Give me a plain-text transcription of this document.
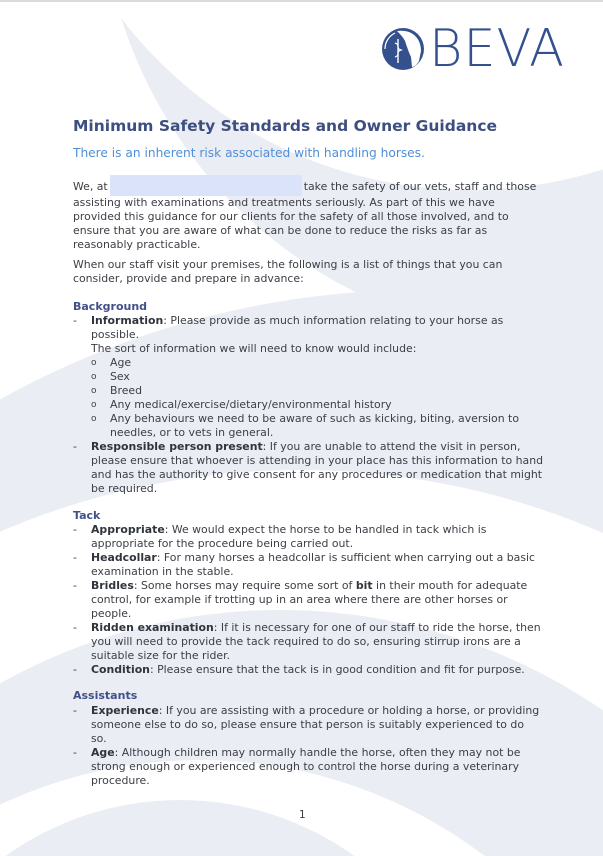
BEVA
Minimum Safety Standards and Owner Guidance

There is an inherent risk associated with handling horses.

We, at	take the safety of our vets, staff and those assisting with examinations and treatments seriously. As part of this we have provided this guidance for our clients for the safety of all those involved, and to ensure that you are aware of what can be done to reduce the risks as far as reasonably practicable.

When our staff visit your premises, the following is a list of things that you can consider, provide and prepare in advance:

Background
-	Information: Please provide as much information relating to your horse as possible.
The sort of information we will need to know would include:
o Age
o Sex
o Breed
o Any medical/exercise/dietary/environmental history
o Any behaviours we need to be aware of such as kicking, biting, aversion to needles, or to vets in general.
-	Responsible person present: If you are unable to attend the visit in person, please ensure that whoever is attending in your place has this information to hand and has the authority to give consent for any procedures or medication that might be required.
Tack
-	Appropriate: We would expect the horse to be handled in tack which is appropriate for the procedure being carried out.
-	Headcollar: For many horses a headcollar is sufficient when carrying out a basic examination in the stable.
-	Bridles: Some horses may require some sort of bit in their mouth for adequate control, for example if trotting up in an area where there are other horses or people.
-	Ridden examination: If it is necessary for one of our staff to ride the horse, then you will need to provide the tack required to do so, ensuring stirrup irons are a suitable size for the rider.
-	Condition: Please ensure that the tack is in good condition and fit for purpose.
Assistants
-	Experience: If you are assisting with a procedure or holding a horse, or providing someone else to do so, please ensure that person is suitably experienced to do so.
-	Age: Although children may normally handle the horse, often they may not be strong enough or experienced enough to control the horse during a veterinary procedure.
1
